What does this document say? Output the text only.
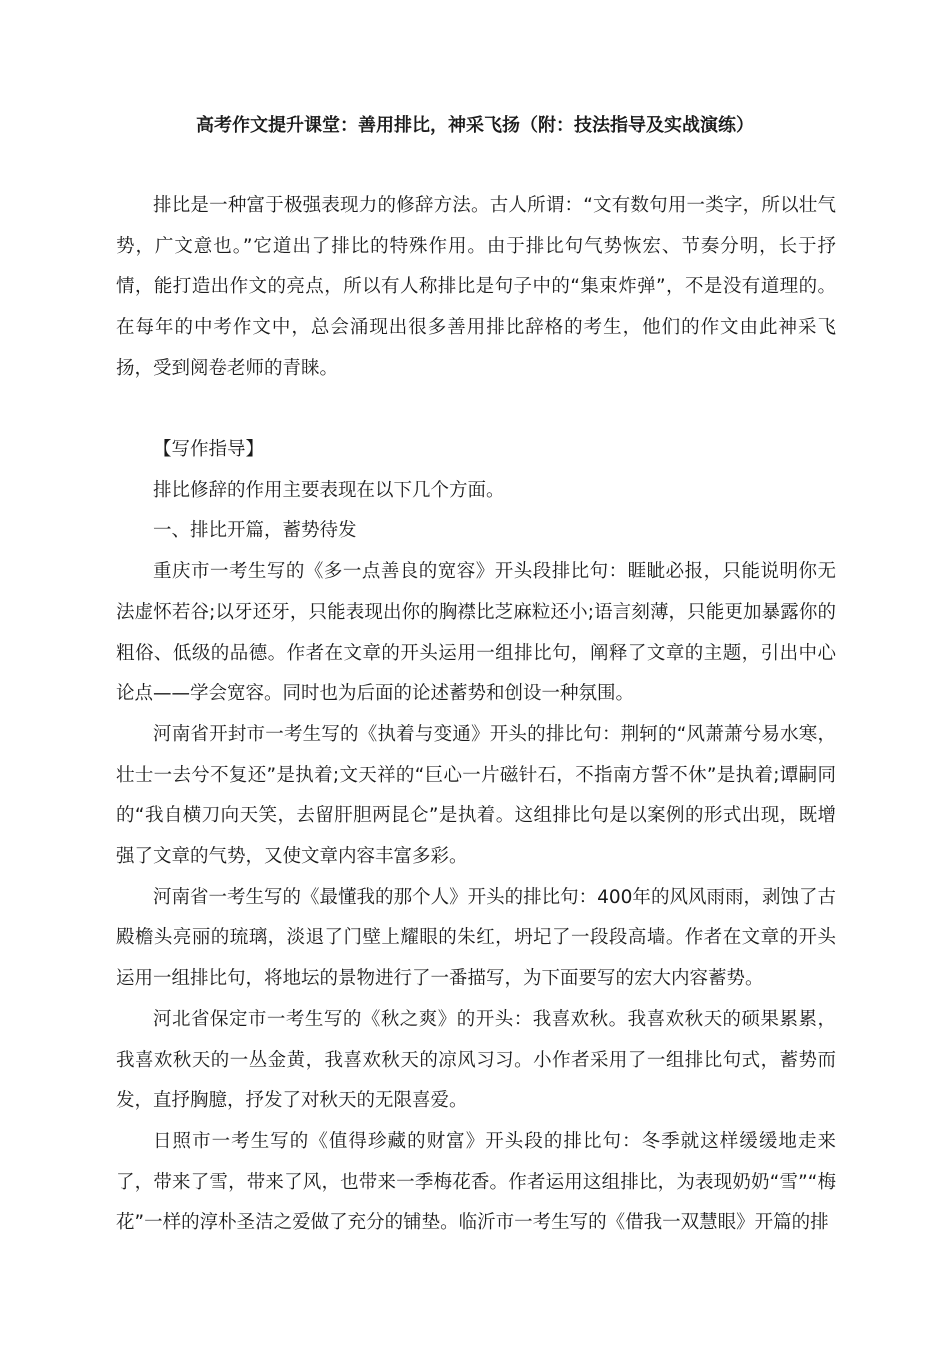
高考作文提升课堂：善用排比，神采飞扬（附：技法指导及实战演练）

排比是一种富于极强表现力的修辞方法。古人所谓：“文有数句用一类字，所以壮气势，广文意也。”它道出了排比的特殊作用。由于排比句气势恢宏、节奏分明，长于抒情，能打造出作文的亮点，所以有人称排比是句子中的“集束炸弹”，不是没有道理的。在每年的中考作文中，总会涌现出很多善用排比辞格的考生，他们的作文由此神采飞扬，受到阅卷老师的青睐。

【写作指导】

排比修辞的作用主要表现在以下几个方面。

一、排比开篇，蓄势待发

重庆市一考生写的《多一点善良的宽容》开头段排比句：睚眦必报，只能说明你无法虚怀若谷;以牙还牙，只能表现出你的胸襟比芝麻粒还小;语言刻薄，只能更加暴露你的粗俗、低级的品德。作者在文章的开头运用一组排比句，阐释了文章的主题，引出中心论点——学会宽容。同时也为后面的论述蓄势和创设一种氛围。

河南省开封市一考生写的《执着与变通》开头的排比句：荆轲的“风萧萧兮易水寒，壮士一去兮不复还”是执着;文天祥的“巨心一片磁针石，不指南方誓不休”是执着;谭嗣同的“我自横刀向天笑，去留肝胆两昆仑”是执着。这组排比句是以案例的形式出现，既增强了文章的气势，又使文章内容丰富多彩。

河南省一考生写的《最懂我的那个人》开头的排比句：400年的风风雨雨，剥蚀了古殿檐头亮丽的琉璃，淡退了门壁上耀眼的朱红，坍圮了一段段高墙。作者在文章的开头运用一组排比句，将地坛的景物进行了一番描写，为下面要写的宏大内容蓄势。

河北省保定市一考生写的《秋之爽》的开头：我喜欢秋。我喜欢秋天的硕果累累，我喜欢秋天的一丛金黄，我喜欢秋天的凉风习习。小作者采用了一组排比句式，蓄势而发，直抒胸臆，抒发了对秋天的无限喜爱。

日照市一考生写的《值得珍藏的财富》开头段的排比句：冬季就这样缓缓地走来了，带来了雪，带来了风，也带来一季梅花香。作者运用这组排比，为表现奶奶“雪”“梅花”一样的淳朴圣洁之爱做了充分的铺垫。临沂市一考生写的《借我一双慧眼》开篇的排
